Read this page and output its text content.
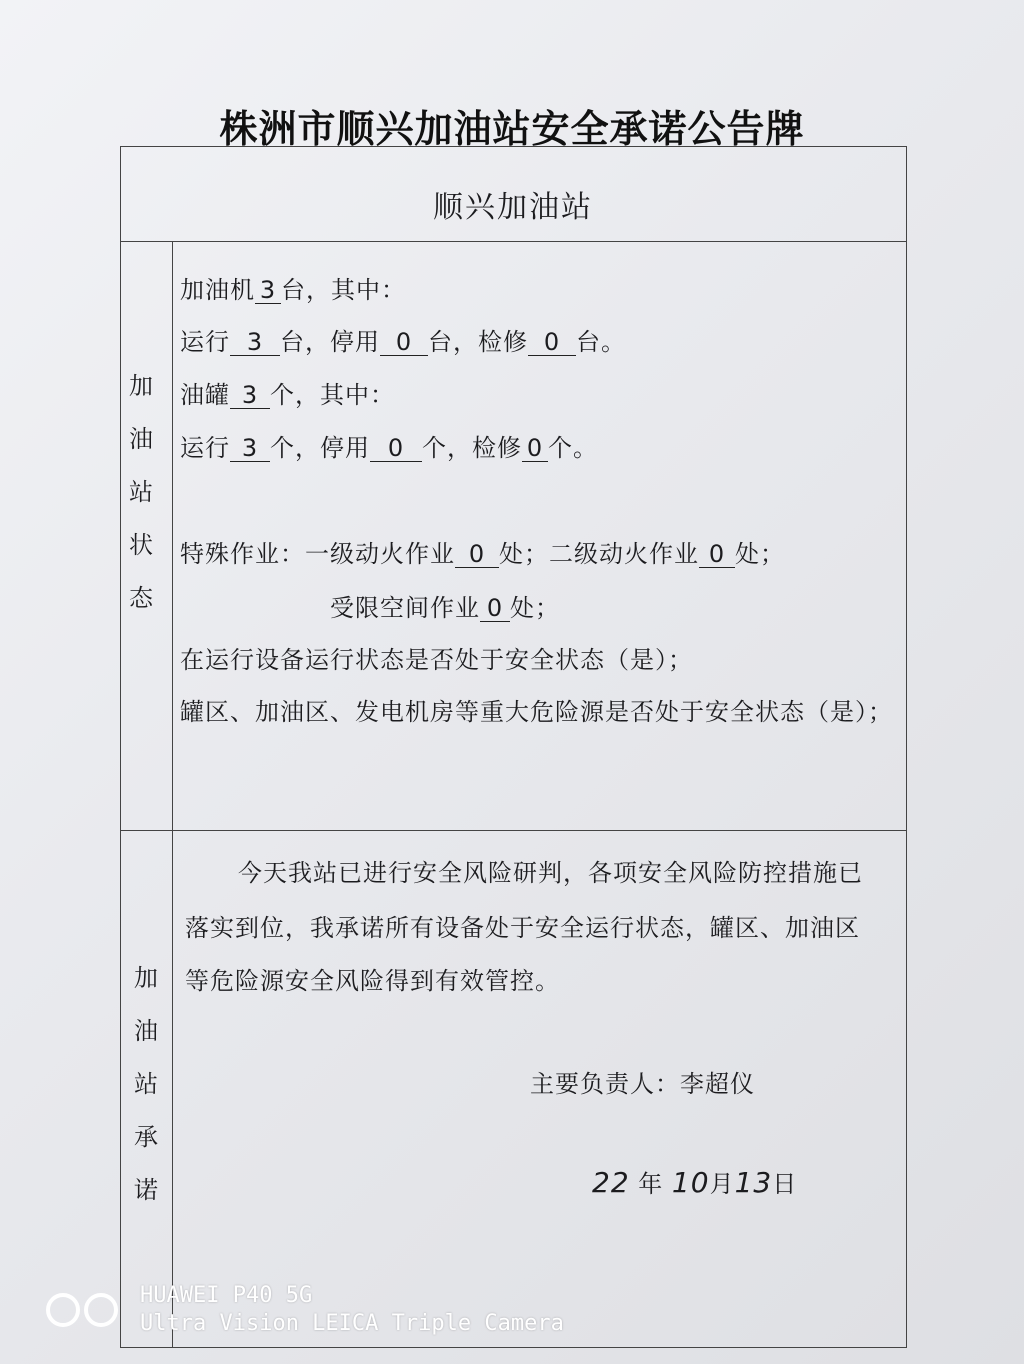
株洲市顺兴加油站安全承诺公告牌
顺兴加油站
加
油
站
状
态
加油机 3 台，其中：
运行 3 台，停用 0 台，检修 0 台。
油罐 3 个，其中：
运行 3 个，停用 0 个，检修 0 个。
特殊作业：一级动火作业 0 处；二级动火作业 0 处；
受限空间作业 0 处；
在运行设备运行状态是否处于安全状态（是）；
罐区、加油区、发电机房等重大危险源是否处于安全状态（是）；
加
油
站
承
诺
今天我站已进行安全风险研判，各项安全风险防控措施已
落实到位，我承诺所有设备处于安全运行状态，罐区、加油区
等危险源安全风险得到有效管控。
主要负责人：李超仪
22 年 10月13日
HUAWEI P40 5G
Ultra Vision LEICA Triple Camera
